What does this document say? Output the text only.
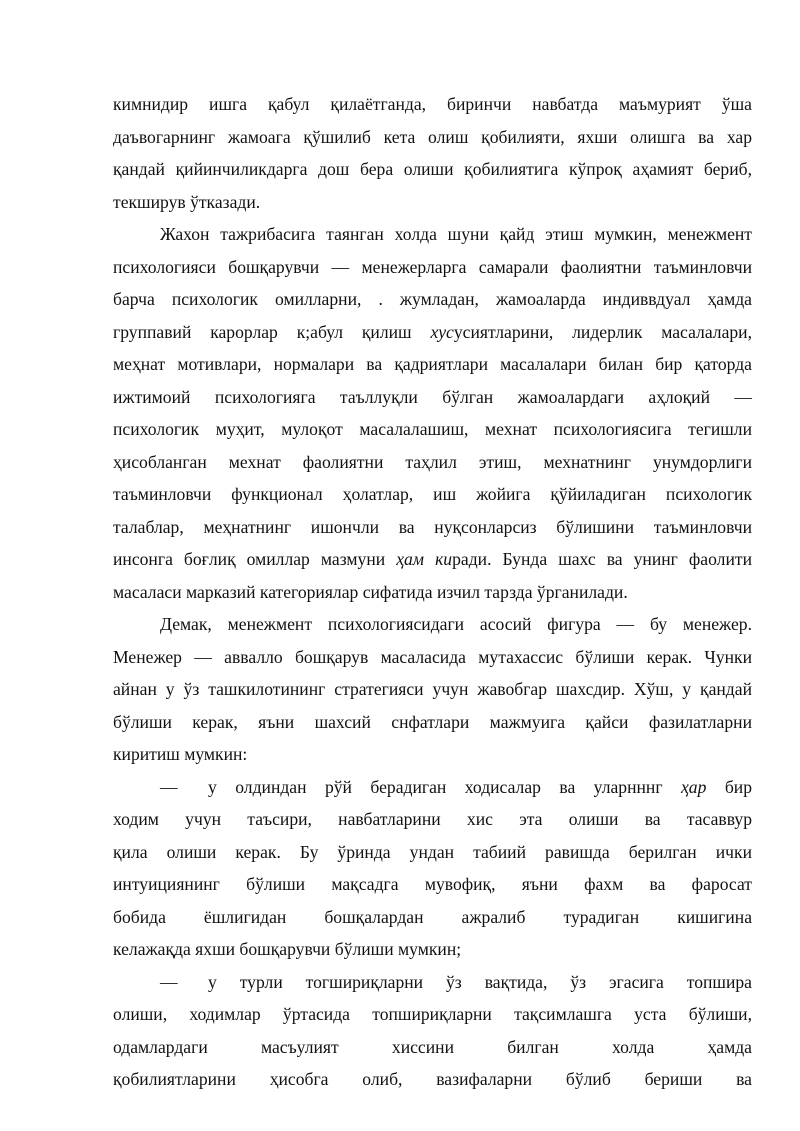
кимнидир ишга қабул қилаётганда, биринчи навбатда маъмурият ўша

даъвогарнинг жамоага қўшилиб кета олиш қобилияти, яхши олишга ва хар

қандай қийинчиликдарга дош бера олиши қобилиятига кўпроқ аҳамият бериб,

текширув ўтказади.

Жахон тажрибасига таянган холда шуни қайд этиш мумкин, менежмент

психологияси бошқарувчи — менежерларга самарали фаолиятни таъминловчи

барча психологик омилларни, . жумладан, жамоаларда индиввдуал ҳамда

группавий карорлар к;абул қилиш хусусиятларини, лидерлик масалалари,

меҳнат мотивлари, нормалари ва қадриятлари масалалари билан бир қаторда

ижтимоий психологияга таъллуқли бўлган жамоалардаги аҳлоқий —

психологик муҳит, мулоқот масалалашиш, мехнат психологиясига тегишли

ҳисобланган мехнат фаолиятни таҳлил этиш, мехнатнинг унумдорлиги

таъминловчи функционал ҳолатлар, иш жойига қўйиладиган психологик

талаблар, меҳнатнинг ишончли ва нуқсонларсиз бўлишини таъминловчи

инсонга боғлиқ омиллар мазмуни ҳам киради. Бунда шахс ва унинг фаолити

масаласи марказий категориялар сифатида изчил тарзда ўрганилади.

Демак, менежмент психологиясидаги асосий фигура — бу менежер.

Менежер — аввалло бошқарув масаласида мутахассис бўлиши керак. Чунки

айнан у ўз ташкилотининг стратегияси учун жавобгар шахсдир. Хўш, у қандай

бўлиши керак, яъни шахсий снфатлари мажмуига қайси фазилатларни

киритиш мумкин:

— у олдиндан рўй берадиган ходисалар ва уларнннг ҳар бир

ходим учун таъсири, навбатларини хис эта олиши ва тасаввур

қила олиши керак. Бу ўринда ундан табиий равишда берилган ички

интуициянинг бўлиши мақсадга мувофиқ, яъни фахм ва фаросат

бобида ёшлигидан бошқалардан ажралиб турадиган кишигина

келажақда яхши бошқарувчи бўлиши мумкин;

— у турли тогшириқларни ўз вақтида, ўз эгасига топшира

олиши, ходимлар ўртасида топшириқларни тақсимлашга уста бўлиши,

одамлардаги масъулият хиссини билган холда ҳамда

қобилиятларини ҳисобга олиб, вазифаларни бўлиб бериши ва
